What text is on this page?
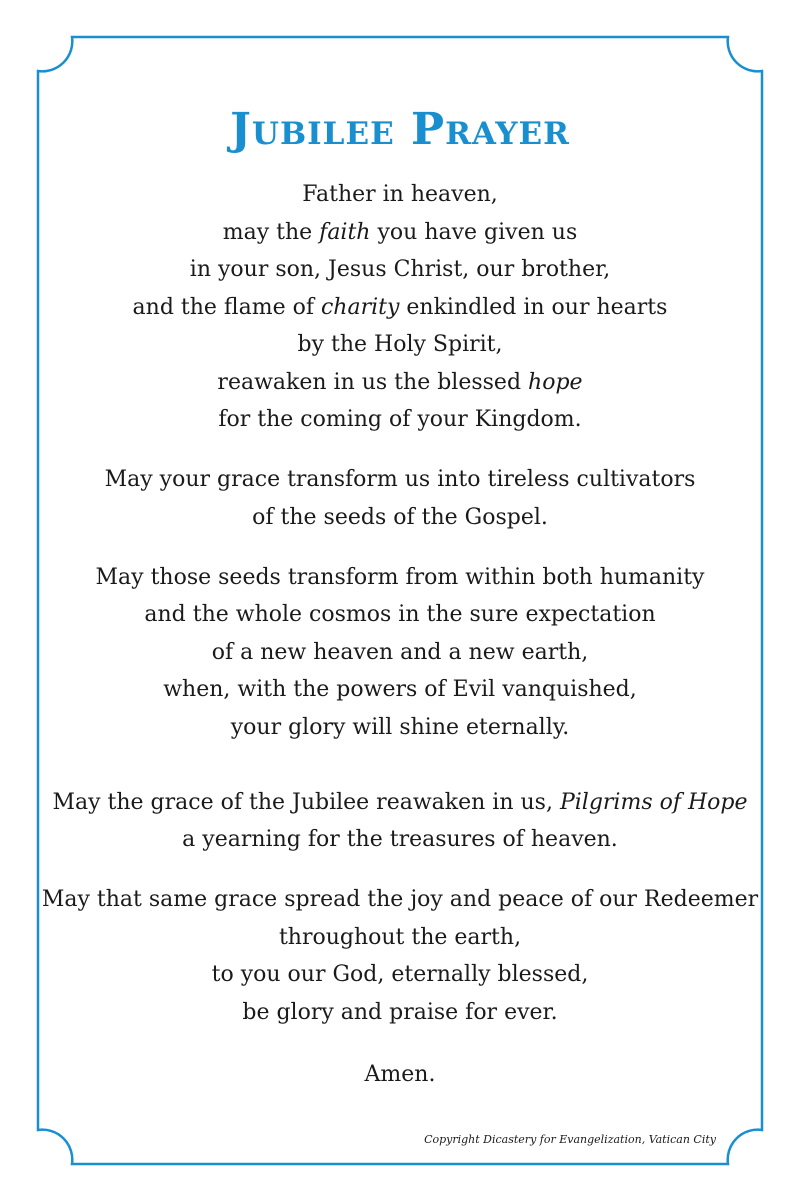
Jubilee Prayer
Father in heaven,
may the faith you have given us
in your son, Jesus Christ, our brother,
and the flame of charity enkindled in our hearts
by the Holy Spirit,
reawaken in us the blessed hope
for the coming of your Kingdom.
May your grace transform us into tireless cultivators
of the seeds of the Gospel.
May those seeds transform from within both humanity
and the whole cosmos in the sure expectation
of a new heaven and a new earth,
when, with the powers of Evil vanquished,
your glory will shine eternally.
May the grace of the Jubilee reawaken in us, Pilgrims of Hope
a yearning for the treasures of heaven.
May that same grace spread the joy and peace of our Redeemer
throughout the earth,
to you our God, eternally blessed,
be glory and praise for ever.
Amen.
Copyright Dicastery for Evangelization, Vatican City
